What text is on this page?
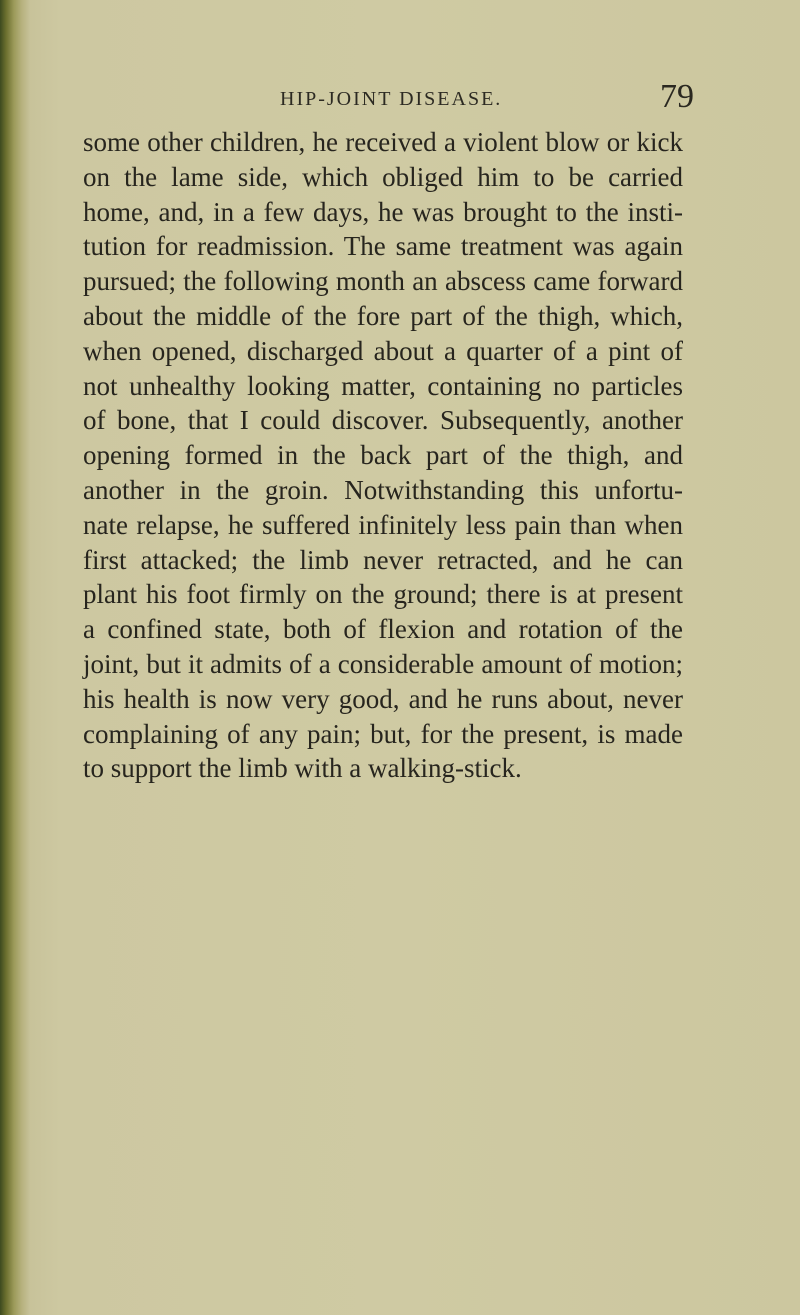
HIP-JOINT DISEASE.	79
some other children, he received a violent blow or kick
on the lame side, which obliged him to be carried
home, and, in a few days, he was brought to the insti-
tution for readmission. The same treatment was again
pursued; the following month an abscess came forward
about the middle of the fore part of the thigh, which,
when opened, discharged about a quarter of a pint of
not unhealthy looking matter, containing no particles
of bone, that I could discover. Subsequently, another
opening formed in the back part of the thigh, and
another in the groin. Notwithstanding this unfortu-
nate relapse, he suffered infinitely less pain than when
first attacked; the limb never retracted, and he can
plant his foot firmly on the ground; there is at present
a confined state, both of flexion and rotation of the
joint, but it admits of a considerable amount of motion;
his health is now very good, and he runs about, never
complaining of any pain; but, for the present, is made
to support the limb with a walking-stick.
